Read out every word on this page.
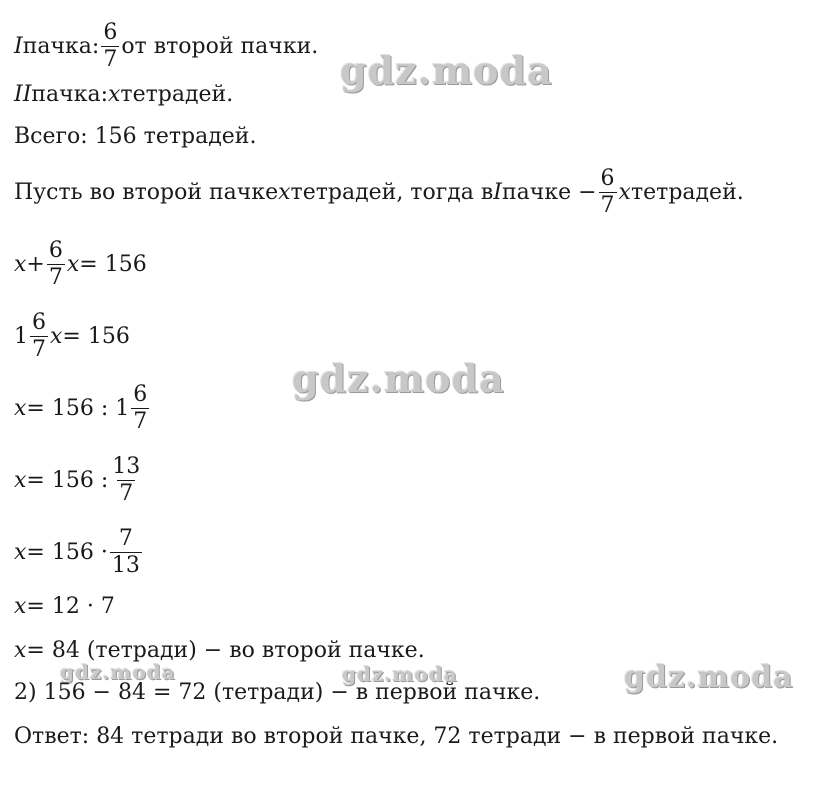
gdz.moda
gdz.moda
gdz.moda	gdz.moda	gdz.moda
I пачка: $\frac{6}{7}$ от второй пачки.
II пачка: x тетрадей.
Всего: 156 тетрадей.
Пусть во второй пачке x тетрадей, тогда в I пачке − $\frac{6}{7}$ x тетрадей.
$x + \frac{6}{7}$ x = 156
$1 \frac{6}{7}$ x = 156
x = 156 : $1 \frac{6}{7}$
x = 156 : $\frac{13}{7}$
$x = 156 \cdot \frac{7}{13}$
x = 12 · 7
x = 84 (тетради) − во второй пачке.
2) 156 − 84 = 72 (тетради) − в первой пачке.
Ответ: 84 тетради во второй пачке, 72 тетради − в первой пачке.
